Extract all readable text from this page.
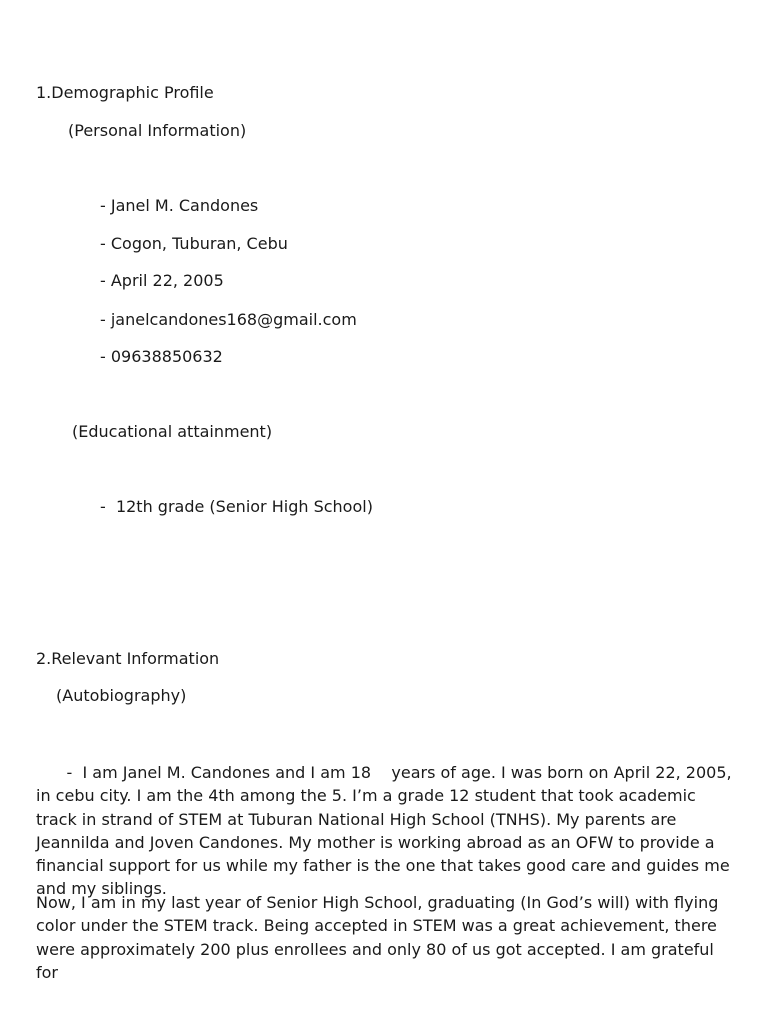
1.Demographic Profile
(Personal Information)
- Janel M. Candones
- Cogon, Tuburan, Cebu
- April 22, 2005
- janelcandones168@gmail.com
- 09638850632
(Educational attainment)
-  12th grade (Senior High School)
2.Relevant Information
(Autobiography)
-  I am Janel M. Candones and I am 18    years of age. I was born on April 22, 2005, in cebu city. I am the 4th among the 5. I’m a grade 12 student that took academic track in strand of STEM at Tuburan National High School (TNHS). My parents are Jeannilda and Joven Candones. My mother is working abroad as an OFW to provide a financial support for us while my father is the one that takes good care and guides me and my siblings.
Now, I am in my last year of Senior High School, graduating (In God’s will) with flying color under the STEM track. Being accepted in STEM was a great achievement, there were approximately 200 plus enrollees and only 80 of us got accepted. I am grateful for
